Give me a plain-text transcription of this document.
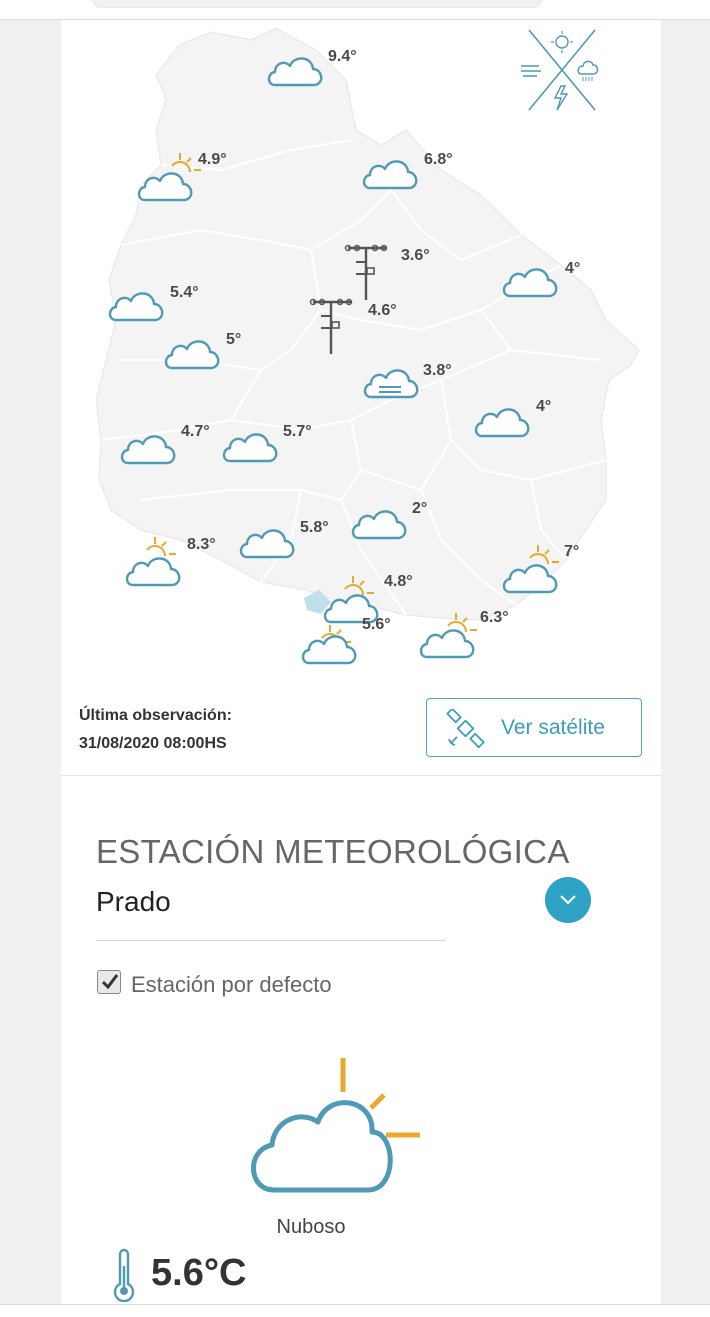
9.4°
6.8°
4.9°
3.6°
4°
5.4°
4.6°
5°
3.8°
4°
4.7°	5.7°
2°
5.8°
8.3°	7°
4.8°
6.3°
5.6°
Última observación:
31/08/2020 08:00HS
Ver satélite
ESTACIÓN METEOROLÓGICA
Prado
Estación por defecto
Nuboso
5.6°C
